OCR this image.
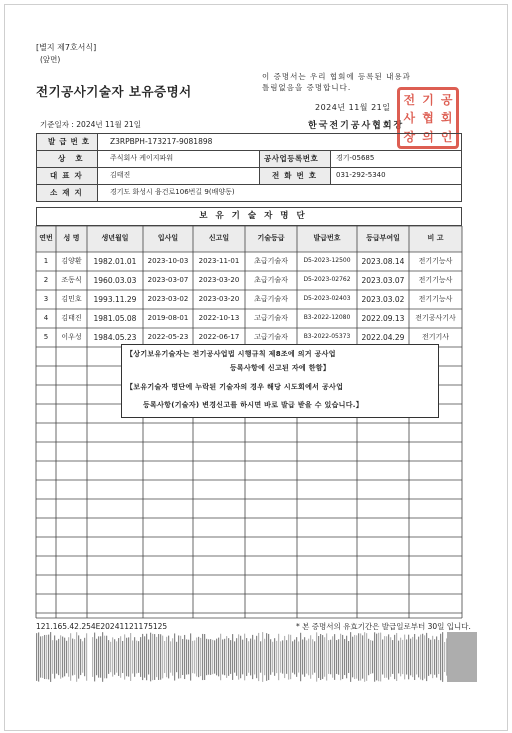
[별지 제7호서식]
(앞면)
전기공사기술자 보유증명서
이 증명서는 우리 협회에 등록된 내용과
틀림없음을 증명합니다.
2024년 11월 21일
한국전기공사협회장
기준일자 : 2024년 11월 21일
전 기 공
사 협 회
장 의 인
발급번호 Z3RPBPH-173217-9081898
상호	주식회사 케이지파워	공사업등록번호	경기-05685
대표자	김태진	전화번호 031-292-5340
소재지	경기도 화성시 융건로106번길 9(배양동)
보유기술자명단
연번	성 명	생년월일	입사일	신고일	기술등급	발급번호	등급부여일	비 고
1	김양환	1982.01.01	2023-10-03	2023-11-01	초급기술자	D5-2023-12500	2023.08.14	전기기능사
2	조동식	1960.03.03	2023-03-07	2023-03-20	초급기술자	D5-2023-02762	2023.03.07	전기기능사
3	김민호	1993.11.29	2023-03-02	2023-03-20	초급기술자	D5-2023-02403	2023.03.02	전기기능사
4	김태진	1981.05.08	2019-08-01	2022-10-13	고급기술자	B3-2022-12080	2022.09.13	전기공사기사
5	이우성	1984.05.23	2022-05-23	2022-06-17	고급기술자	B3-2022-05373	2022.04.29	전기기사
【상기보유기술자는 전기공사업법 시행규칙 제8조에 의거 공사업
등록사항에 신고된 자에 한함】
【보유기술자 명단에 누락된 기술자의 경우 해당 시도회에서 공사업
등록사항(기술자) 변경신고를 하시면 바로 발급 받을 수 있습니다.】
121.165.42.254E20241121175125	* 본 증명서의 유효기간은 발급일로부터 30일 입니다.
